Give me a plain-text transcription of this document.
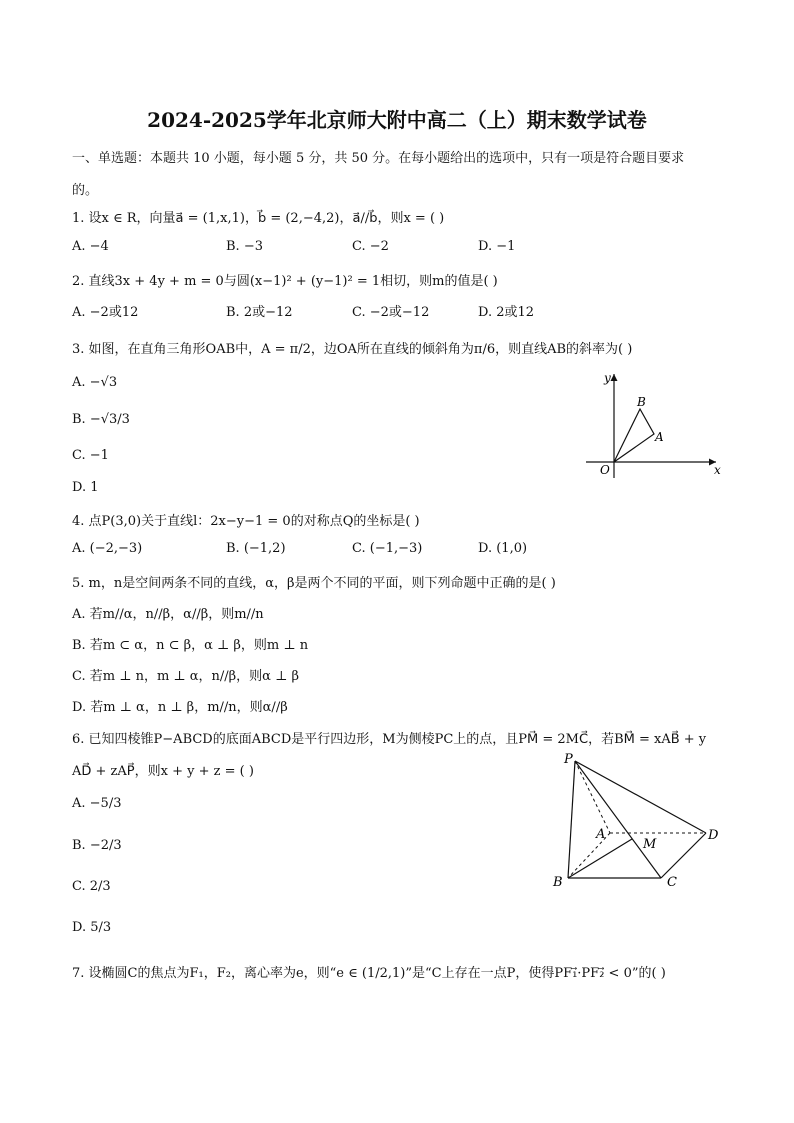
2024-2025学年北京师大附中高二（上）期末数学试卷
一、单选题：本题共 10 小题，每小题 5 分，共 50 分。在每小题给出的选项中，只有一项是符合题目要求
的。
1. 设x ∈ R，向量a⃗ = (1,x,1)，b⃗ = (2,−4,2)，a⃗//b⃗，则x = ( )
A. −4	B. −3	C. −2	D. −1
2. 直线3x + 4y + m = 0与圆(x−1)² + (y−1)² = 1相切，则m的值是( )
A. −2或12	B. 2或−12	C. −2或−12	D. 2或12
3. 如图，在直角三角形OAB中，A = π/2，边OA所在直线的倾斜角为π/6，则直线AB的斜率为( )
A. −√3
B. −√3/3
C. −1
D. 1
y
B
A
O	x
4. 点P(3,0)关于直线l：2x−y−1 = 0的对称点Q的坐标是( )
A. (−2,−3)	B. (−1,2)	C. (−1,−3)	D. (1,0)
5. m，n是空间两条不同的直线，α，β是两个不同的平面，则下列命题中正确的是( )
A. 若m//α，n//β，α//β，则m//n
B. 若m ⊂ α，n ⊂ β，α ⊥ β，则m ⊥ n
C. 若m ⊥ n，m ⊥ α，n//β，则α ⊥ β
D. 若m ⊥ α，n ⊥ β，m//n，则α//β
6. 已知四棱锥P−ABCD的底面ABCD是平行四边形，M为侧棱PC上的点，且PM⃗ = 2MC⃗，若BM⃗ = xAB⃗ + y
AD⃗ + zAP⃗，则x + y + z = ( )
A. −5/3
B. −2/3
C. 2/3
D. 5/3
P
A
M
D
B	C
7. 设椭圆C的焦点为F₁，F₂，离心率为e，则“e ∈ (1/2,1)”是“C上存在一点P，使得PF₁⃗·PF₂⃗ < 0”的( )
